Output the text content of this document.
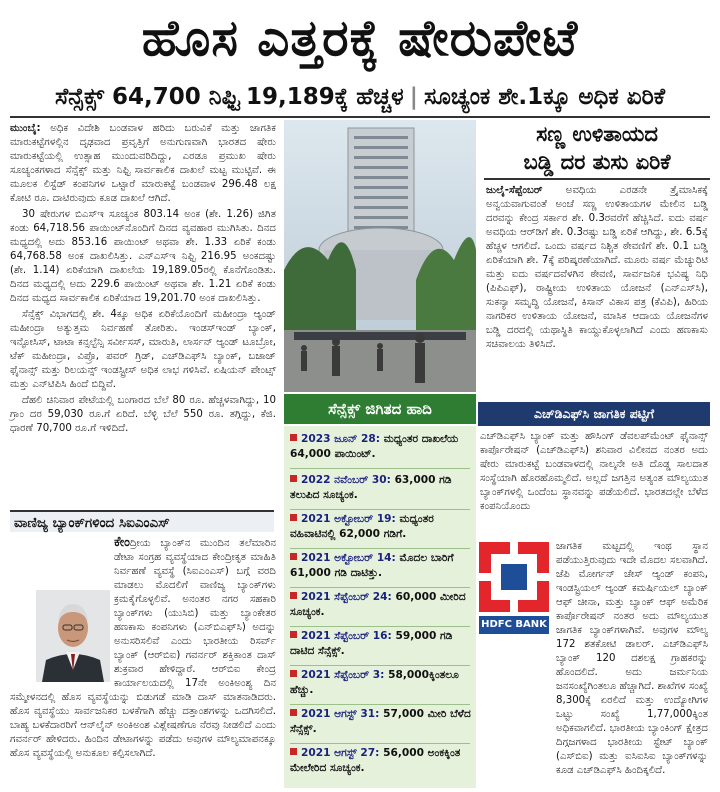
ಹೊಸ ಎತ್ತರಕ್ಕೆ ಷೇರುಪೇಟೆ
ಸೆನ್ಸೆಕ್ಸ್ 64,700 ನಿಫ್ಟಿ 19,189ಕ್ಕೆ ಹೆಚ್ಚಳ | ಸೂಚ್ಯಂಕ ಶೇ.1ಕ್ಕೂ ಅಧಿಕ ಏರಿಕೆ

ಮುಂಬೈ: ಅಧಿಕ ವಿದೇಶಿ ಬಂಡವಾಳ ಹರಿದು ಬರುವಿಕೆ ಮತ್ತು ಜಾಗತಿಕ ಮಾರುಕಟ್ಟೆಗಳಲ್ಲಿನ ದೃಢವಾದ ಪ್ರವೃತ್ತಿಗೆ ಅನುಗುಣವಾಗಿ ಭಾರತದ ಷೇರು ಮಾರುಕಟ್ಟೆಯಲ್ಲಿ ಉತ್ಸಾಹ ಮುಂದುವರಿದಿದ್ದು, ಎರಡೂ ಪ್ರಮುಖ ಷೇರು ಸೂಚ್ಯಂಕಗಳಾದ ಸೆನ್ಸೆಕ್ಸ್ ಮತ್ತು ನಿಫ್ಟಿ ಸಾರ್ವಕಾಲಿಕ ದಾಖಲೆ ಮಟ್ಟ ಮುಟ್ಟಿವೆ. ಈ ಮೂಲಕ ಲಿಸ್ಟೆಡ್ ಕಂಪನಿಗಳ ಒಟ್ಟಾರೆ ಮಾರುಕಟ್ಟೆ ಬಂಡವಾಳ 296.48 ಲಕ್ಷ ಕೋಟಿ ರೂ. ದಾಟಿರುವುದು ಕೂಡ ದಾಖಲೆ ಆಗಿದೆ.

30 ಷೇರುಗಳ ಬಿಎಸ್ಇ ಸೂಚ್ಯಂಕ 803.14 ಅಂಕ (ಶೇ. 1.26) ಜಿಗಿತ ಕಂಡು 64,718.56 ಪಾಯಿಂಟ್‌ನೊಂದಿಗೆ ದಿನದ ವ್ಯವಹಾರ ಮುಗಿಸಿತು. ದಿನದ ಮಧ್ಯದಲ್ಲಿ ಅದು 853.16 ಪಾಯಿಂಟ್ ಅಥವಾ ಶೇ. 1.33 ಏರಿಕೆ ಕಂಡು 64,768.58 ಅಂಕ ದಾಖಲಿಸಿತ್ತು. ಎನ್ಎಸ್ಇ ನಿಫ್ಟಿ 216.95 ಅಂಕದಷ್ಟು (ಶೇ. 1.14) ಏರಿಕೆಯಾಗಿ ದಾಖಲೆಯ 19,189.05ರಲ್ಲಿ ಕೊನೆಗೊಂಡಿತು. ದಿನದ ಮಧ್ಯದಲ್ಲಿ ಅದು 229.6 ಪಾಯಿಂಟ್ ಅಥವಾ ಶೇ. 1.21 ಏರಿಕೆ ಕಂಡು ದಿನದ ಮಧ್ಯದ ಸಾರ್ವಕಾಲಿಕ ಏರಿಕೆಯಾದ 19,201.70 ಅಂಕ ದಾಖಲಿಸಿತ್ತು.

ಸೆನ್ಸೆಕ್ಸ್ ವಿಭಾಗದಲ್ಲಿ ಶೇ. 4ಕ್ಕೂ ಅಧಿಕ ಏರಿಕೆಯೊಂದಿಗೆ ಮಹೀಂದ್ರಾ ಆ್ಯಂಡ್ ಮಹೀಂದ್ರಾ ಅತ್ಯುತ್ತಮ ನಿರ್ವಹಣೆ ತೋರಿತು. ಇಂಡಸ್‌ಇಂಡ್ ಬ್ಯಾಂಕ್, ಇನ್ಫೋಸಿಸ್, ಟಾಟಾ ಕನ್ಸಲ್ಟೆನ್ಸಿ ಸರ್ವೀಸಸ್, ಮಾರುತಿ, ಲಾರ್ಸನ್ ಆ್ಯಂಡ್ ಟೂಬ್ರೋ, ಟೆಕ್ ಮಹೀಂದ್ರಾ, ವಿಪ್ರೊ, ಪವರ್ ಗ್ರಿಡ್, ಎಚ್‌ಡಿಎಫ್‌ಸಿ ಬ್ಯಾಂಕ್, ಬಜಾಜ್ ಫೈನಾನ್ಸ್ ಮತ್ತು ರಿಲಯನ್ಸ್ ಇಂಡಸ್ಟ್ರೀಸ್ ಅಧಿಕ ಲಾಭ ಗಳಿಸಿವೆ. ಏಷಿಯನ್ ಪೇಂಟ್ಸ್ ಮತ್ತು ಎನ್‌ಟಿಪಿಸಿ ಹಿಂದೆ ಬಿದ್ದಿವೆ.

ದೆಹಲಿ ಚಿನಿವಾರ ಪೇಟೆಯಲ್ಲಿ ಬಂಗಾರದ ಬೆಲೆ 80 ರೂ. ಹೆಚ್ಚಳವಾಗಿದ್ದು, 10 ಗ್ರಾಂ ದರ 59,030 ರೂ.ಗೆ ಏರಿದೆ. ಬೆಳ್ಳಿ ಬೆಲೆ 550 ರೂ. ತಗ್ಗಿದ್ದು, ಕೆಜಿ. ಧಾರಣೆ 70,700 ರೂ.ಗೆ ಇಳಿದಿದೆ.

ವಾಣಿಜ್ಯ ಬ್ಯಾಂಕ್‌ಗಳಿಂದ ಸಿಐಎಂಎಸ್

ಕೇಂದ್ರೀಯ ಬ್ಯಾಂಕ್‌ನ ಮುಂದಿನ ತಲೆಮಾರಿನ ಡೇಟಾ ಸಂಗ್ರಹ ವ್ಯವಸ್ಥೆಯಾದ ಕೇಂದ್ರೀಕೃತ ಮಾಹಿತಿ ನಿರ್ವಹಣೆ ವ್ಯವಸ್ಥೆ (ಸಿಐಎಂಎಸ್) ಬಗ್ಗೆ ವರದಿ ಮಾಡಲು ಮೊದಲಿಗೆ ವಾಣಿಜ್ಯ ಬ್ಯಾಂಕ್‌ಗಳು ಕ್ರಮಕೈಗೊಳ್ಳಲಿವೆ. ಅನಂತರ ನಗರ ಸಹಕಾರಿ ಬ್ಯಾಂಕ್‌ಗಳು (ಯುಸಿಬಿ) ಮತ್ತು ಬ್ಯಾಂಕೇತರ ಹಣಕಾಸು ಕಂಪನಿಗಳು (ಎನ್‌ಬಿಎಫ್‌ಸಿ) ಅದನ್ನು ಅನುಸರಿಸಲಿವೆ ಎಂದು ಭಾರತೀಯ ರಿಸರ್ವ್ ಬ್ಯಾಂಕ್ (ಆರ್‌ಬಿಐ) ಗವರ್ನರ್ ಶಕ್ತಿಕಾಂತ ದಾಸ್ ಶುಕ್ರವಾರ ಹೇಳಿದ್ದಾರೆ. ಆರ್‌ಬಿಐ ಕೇಂದ್ರ ಕಾರ್ಯಾಲಯದಲ್ಲಿ 17ನೇ ಅಂಕಿಅಂಶ್ಯ ದಿನ ಸಮ್ಮೇಳನದಲ್ಲಿ ಹೊಸ ವ್ಯವಸ್ಥೆಯನ್ನು ಬಿಡುಗಡೆ ಮಾಡಿ ದಾಸ್ ಮಾತನಾಡಿದರು. ಹೊಸ ವ್ಯವಸ್ಥೆಯು ಸಾರ್ವಜನಿಕರ ಬಳಕೆಗಾಗಿ ಹೆಚ್ಚು ದತ್ತಾಂಶಗಳನ್ನು ಒದಗಿಸಲಿದೆ. ಬಾಹ್ಯ ಬಳಕೆದಾರರಿಗೆ ಆನ್‌ಲೈನ್ ಅಂಕಿಅಂಶ ವಿಶ್ಲೇಷಣೆಗೂ ನೆರವು ನೀಡಲಿದೆ ಎಂದು ಗವರ್ನರ್ ಹೇಳಿದರು. ಹಿಂದಿನ ಡೇಟಾಗಳನ್ನು ಪಡೆದು ಅವುಗಳ ಮೌಲ್ಯಮಾಪನಕ್ಕೂ ಹೊಸ ವ್ಯವಸ್ಥೆಯಲ್ಲಿ ಅನುಕೂಲ ಕಲ್ಪಿಸಲಾಗಿದೆ.

ಸಣ್ಣ ಉಳಿತಾಯದ
ಬಡ್ಡಿ ದರ ತುಸು ಏರಿಕೆ

ಜುಲೈ-ಸೆಪ್ಟೆಂಬರ್ ಅವಧಿಯ ಎರಡನೇ ತ್ರೈಮಾಸಿಕಕ್ಕೆ ಅನ್ವಯವಾಗುವಂತೆ ಅಂಚೆ ಸಣ್ಣ ಉಳಿತಾಯಗಳ ಮೇಲಿನ ಬಡ್ಡಿ ದರವನ್ನು ಕೇಂದ್ರ ಸರ್ಕಾರ ಶೇ. 0.3ರವರೆಗೆ ಹೆಚ್ಚಿಸಿದೆ. ಐದು ವರ್ಷ ಅವಧಿಯ ಆರ್‌ಡಿಗೆ ಶೇ. 0.3ರಷ್ಟು ಬಡ್ಡಿ ಏರಿಕೆ ಆಗಿದ್ದು, ಶೇ. 6.5ಕ್ಕೆ ಹೆಚ್ಚಳ ಆಗಲಿದೆ. ಒಂದು ವರ್ಷದ ನಿಶ್ಚಿತ ಠೇವಣಿಗೆ ಶೇ. 0.1 ಬಡ್ಡಿ ಏರಿಕೆಯಾಗಿ ಶೇ. 7ಕ್ಕೆ ಪರಿಷ್ಕರಣೆಯಾಗಿದೆ. ಮೂರು ವರ್ಷ ಮೆಚ್ಯುರಿಟಿ ಮತ್ತು ಐದು ವರ್ಷದವೆಳಗಿನ ಠೇವಣಿ, ಸಾರ್ವಜನಿಕ ಭವಿಷ್ಯ ನಿಧಿ (ಪಿಪಿಎಫ್), ರಾಷ್ಟ್ರೀಯ ಉಳಿತಾಯ ಯೋಜನೆ (ಎನ್‌ಎಸ್‌ಸಿ), ಸುಕನ್ಯಾ ಸಮೃದ್ಧಿ ಯೋಜನೆ, ಕಿಸಾನ್ ವಿಕಾಸ ಪತ್ರ (ಕೆವಿಪಿ), ಹಿರಿಯ ನಾಗರಿಕರ ಉಳಿತಾಯ ಯೋಜನೆ, ಮಾಸಿಕ ಆದಾಯ ಯೋಜನೆಗಳ ಬಡ್ಡಿ ದರದಲ್ಲಿ ಯಥಾಸ್ಥಿತಿ ಕಾಯ್ದುಕೊಳ್ಳಲಾಗಿದೆ ಎಂದು ಹಣಕಾಸು ಸಚಿವಾಲಯ ತಿಳಿಸಿದೆ.

ಸೆನ್ಸೆಕ್ಸ್ ಜಿಗಿತದ ಹಾದಿ
2023 ಜೂನ್ 28: ಮಧ್ಯಂತರ ದಾಖಲೆಯ 64,000 ಪಾಯಿಂಟ್.
2022 ನವೆಂಬರ್ 30: 63,000 ಗಡಿ ತಲುಪಿದ ಸೂಚ್ಯಂಕ.
2021 ಅಕ್ಟೋಬರ್ 19: ಮಧ್ಯಂತರ ವಹಿವಾಟಿನಲ್ಲಿ 62,000 ಗಡಿಗೆ.
2021 ಅಕ್ಟೋಬರ್ 14: ಮೊದಲ ಬಾರಿಗೆ 61,000 ಗಡಿ ದಾಟಿತ್ತು.
2021 ಸೆಪ್ಟೆಂಬರ್ 24: 60,000 ಮೀರಿದ ಸೂಚ್ಯಂಕ.
2021 ಸೆಪ್ಟೆಂಬರ್ 16: 59,000 ಗಡಿ ದಾಟಿದ ಸೆನ್ಸೆಕ್ಸ್.
2021 ಸೆಪ್ಟೆಂಬರ್ 3: 58,000ಕ್ಕಿಂತಲೂ ಹೆಚ್ಚು.
2021 ಆಗಸ್ಟ್ 31: 57,000 ಮೀರಿ ಬೆಳೆದ ಸೆನ್ಸೆಕ್ಸ್.
2021 ಆಗಸ್ಟ್ 27: 56,000 ಅಂಕಕ್ಕಿಂತ ಮೇಲೇರಿದ ಸೂಚ್ಯಂಕ.
ಎಚ್‌ಡಿಎಫ್‌ಸಿ ಜಾಗತಿಕ ಪಟ್ಟಿಗೆ

ಎಚ್‌ಡಿಎಫ್‌ಸಿ ಬ್ಯಾಂಕ್ ಮತ್ತು ಹೌಸಿಂಗ್ ಡೆವಲಪ್‌ಮೆಂಟ್ ಫೈನಾನ್ಸ್ ಕಾರ್ಪೊರೇಷನ್ (ಎಚ್‌ಡಿಎಫ್‌ಸಿ) ಶನಿವಾರ ವಿಲೀನದ ನಂತರ ಅದು ಷೇರು ಮಾರುಕಟ್ಟೆ ಬಂಡವಾಳದಲ್ಲಿ ನಾಲ್ಕನೇ ಅತಿ ದೊಡ್ಡ ಸಾಲದಾತ ಸಂಸ್ಥೆಯಾಗಿ ಹೊರಹೊಮ್ಮಲಿದೆ. ಅಲ್ಲದೆ ಜಗತ್ತಿನ ಅತ್ಯಂತ ಮೌಲ್ಯಯುತ ಬ್ಯಾಂಕ್‌ಗಳಲ್ಲಿ ಒಂದೆಂಬ ಸ್ಥಾನವನ್ನು ಪಡೆಯಲಿದೆ. ಭಾರತದಲ್ಲೇ ಬೆಳೆದ ಕಂಪನಿಯೊಂದು

ಜಾಗತಿಕ ಮಟ್ಟದಲ್ಲಿ ಇಂಥ ಸ್ಥಾನ ಪಡೆಯುತ್ತಿರುವುದು ಇದೇ ಮೊದಲ ಸಲವಾಗಿದೆ. ಜೆಪಿ ಮೋರ್ಗನ್ ಚೇಸ್ ಆ್ಯಂಡ್ ಕಂಪನಿ, ಇಂಡಸ್ಟ್ರಿಯಲ್ ಆ್ಯಂಡ್ ಕಮರ್ಷಿಯಲ್ ಬ್ಯಾಂಕ್ ಆಫ್ ಚೀನಾ, ಮತ್ತು ಬ್ಯಾಂಕ್ ಆಫ್ ಅಮೆರಿಕ ಕಾರ್ಪೊರೇಷನ್ ನಂತರ ಅದು ಮೌಲ್ಯಯುತ ಜಾಗತಿಕ ಬ್ಯಾಂಕ್‌ಗಳಾಗಿವೆ. ಅವುಗಳ ಮೌಲ್ಯ 172 ಶತಕೋಟಿ ಡಾಲರ್. ಎಚ್‌ಡಿಎಫ್‌ಸಿ ಬ್ಯಾಂಕ್ 120 ದಶಲಕ್ಷ ಗ್ರಾಹಕರನ್ನು ಹೊಂದಲಿದೆ. ಅದು ಜರ್ಮನಿಯ ಜನಸಂಖ್ಯೆಗಿಂತಲೂ ಹೆಚ್ಚಾಗಿದೆ. ಶಾಖೆಗಳ ಸಂಖ್ಯೆ 8,300ಕ್ಕೆ ಏರಲಿದೆ ಮತ್ತು ಉದ್ಯೋಗಿಗಳ ಒಟ್ಟು ಸಂಖ್ಯೆ 1,77,000ಕ್ಕಿಂತ ಅಧಿಕವಾಗಲಿದೆ. ಭಾರತೀಯ ಬ್ಯಾಂಕಿಂಗ್ ಕ್ಷೇತ್ರದ ದಿಗ್ಗಜಗಳಾದ ಭಾರತೀಯ ಸ್ಟೇಟ್ ಬ್ಯಾಂಕ್ (ಎಸ್‌ಬಿಐ) ಮತ್ತು ಐಸಿಐಸಿಐ ಬ್ಯಾಂಕ್‌ಗಳನ್ನು ಕೂಡ ಎಚ್‌ಡಿಎಫ್‌ಸಿ ಹಿಂದಿಕ್ಕಲಿದೆ.

HDFC BANK
